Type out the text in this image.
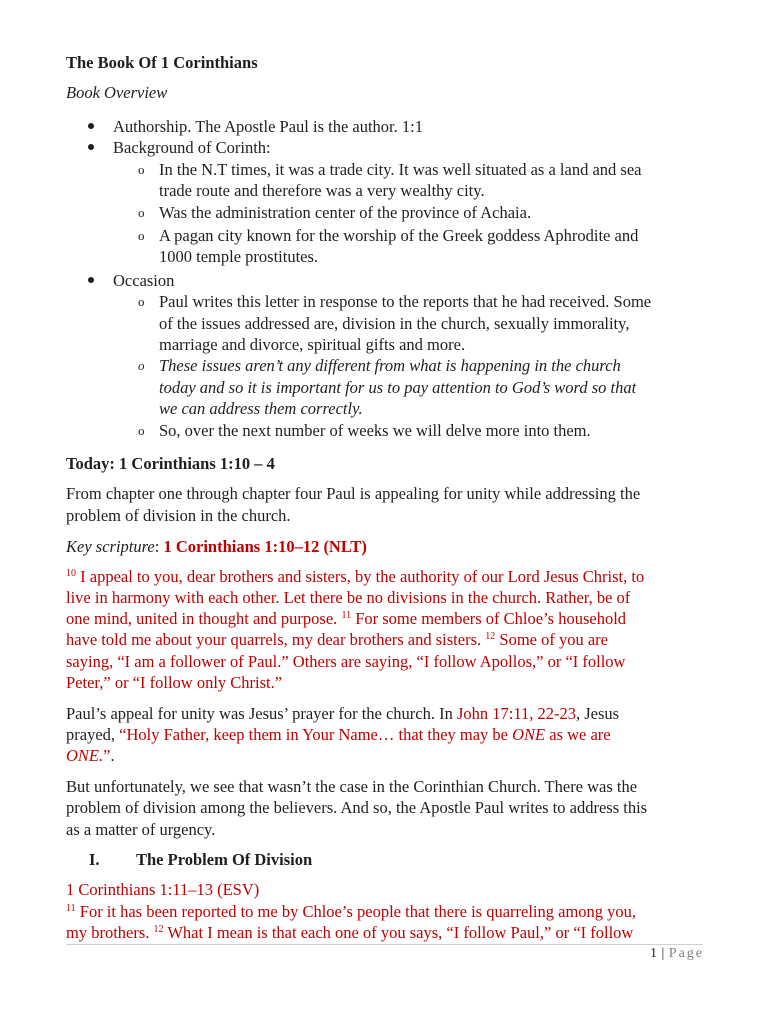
The Book Of 1 Corinthians
Book Overview
Authorship. The Apostle Paul is the author. 1:1
Background of Corinth:
o In the N.T times, it was a trade city. It was well situated as a land and sea
trade route and therefore was a very wealthy city.
o Was the administration center of the province of Achaia.
o A pagan city known for the worship of the Greek goddess Aphrodite and
1000 temple prostitutes.
Occasion
o Paul writes this letter in response to the reports that he had received. Some
of the issues addressed are, division in the church, sexually immorality,
marriage and divorce, spiritual gifts and more.
o These issues aren’t any different from what is happening in the church
today and so it is important for us to pay attention to God’s word so that
we can address them correctly.
o So, over the next number of weeks we will delve more into them.
Today: 1 Corinthians 1:10 – 4
From chapter one through chapter four Paul is appealing for unity while addressing the
problem of division in the church.
Key scripture: 1 Corinthians 1:10–12 (NLT)
$^{10}$ I appeal to you, dear brothers and sisters, by the authority of our Lord Jesus Christ, to
live in harmony with each other. Let there be no divisions in the church. Rather, be of
one mind, united in thought and purpose. $^{11}$ For some members of Chloe’s household
have told me about your quarrels, my dear brothers and sisters. $^{12}$ Some of you are
saying, “I am a follower of Paul.” Others are saying, “I follow Apollos,” or “I follow
Peter,” or “I follow only Christ.”
Paul’s appeal for unity was Jesus’ prayer for the church. In John 17:11, 22-23, Jesus
prayed, “Holy Father, keep them in Your Name… that they may be ONE as we are
ONE.”.
But unfortunately, we see that wasn’t the case in the Corinthian Church. There was the
problem of division among the believers. And so, the Apostle Paul writes to address this
as a matter of urgency.
I. The Problem Of Division
1 Corinthians 1:11–13 (ESV)
$^{11}$ For it has been reported to me by Chloe’s people that there is quarreling among you,
my brothers. $^{12}$ What I mean is that each one of you says, “I follow Paul,” or “I follow
1 | Page
